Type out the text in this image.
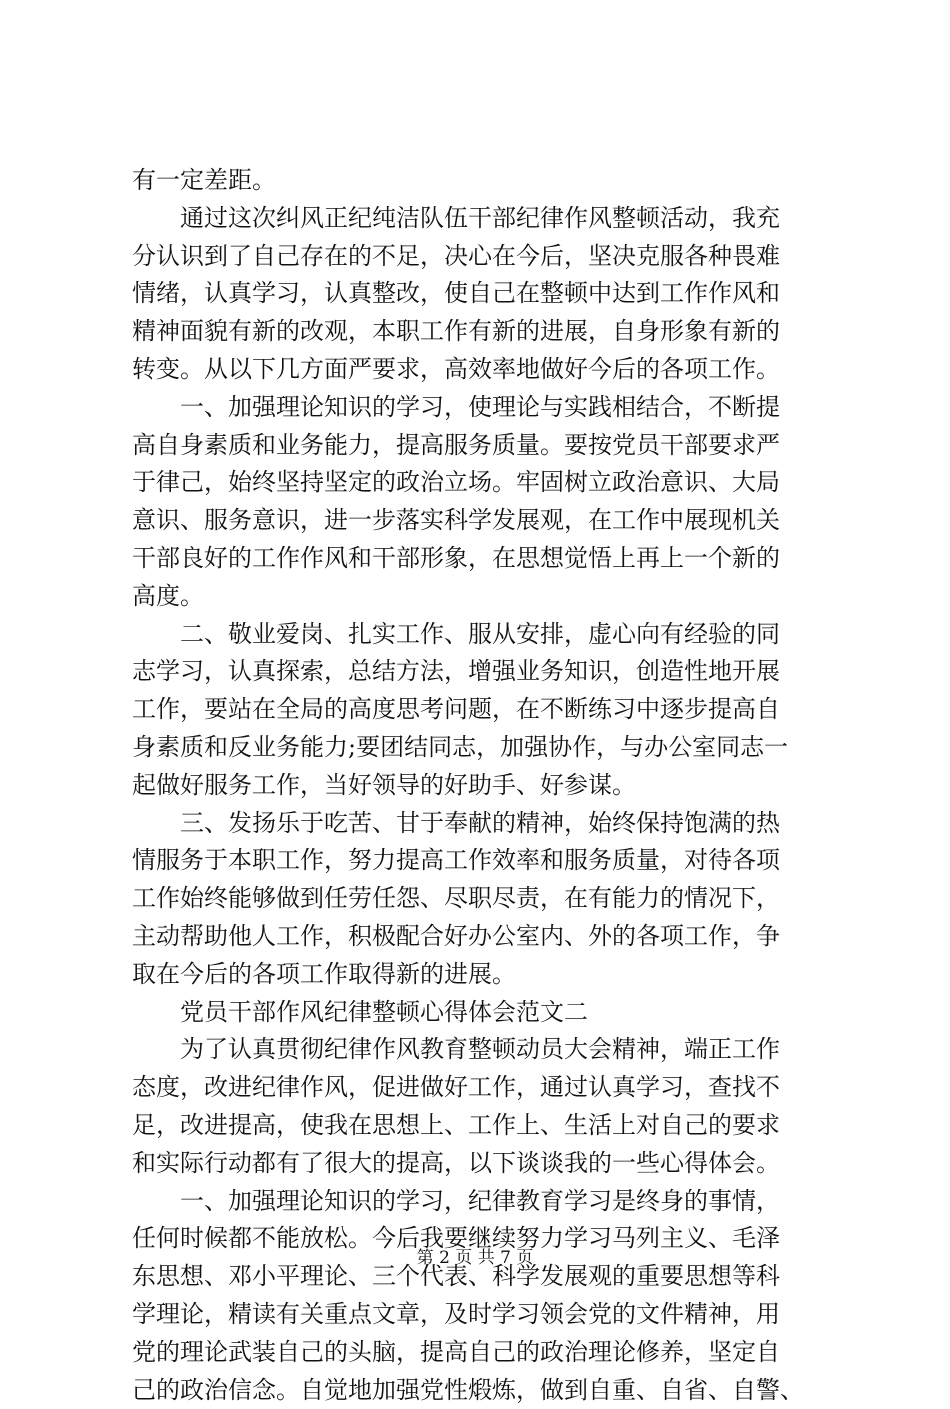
有一定差距。
　　通过这次纠风正纪纯洁队伍干部纪律作风整顿活动，我充
分认识到了自己存在的不足，决心在今后，坚决克服各种畏难
情绪，认真学习，认真整改，使自己在整顿中达到工作作风和
精神面貌有新的改观，本职工作有新的进展，自身形象有新的
转变。从以下几方面严要求，高效率地做好今后的各项工作。
　　一、加强理论知识的学习，使理论与实践相结合，不断提
高自身素质和业务能力，提高服务质量。要按党员干部要求严
于律己，始终坚持坚定的政治立场。牢固树立政治意识、大局
意识、服务意识，进一步落实科学发展观，在工作中展现机关
干部良好的工作作风和干部形象，在思想觉悟上再上一个新的
高度。
　　二、敬业爱岗、扎实工作、服从安排，虚心向有经验的同
志学习，认真探索，总结方法，增强业务知识，创造性地开展
工作，要站在全局的高度思考问题，在不断练习中逐步提高自
身素质和反业务能力;要团结同志，加强协作，与办公室同志一
起做好服务工作，当好领导的好助手、好参谋。
　　三、发扬乐于吃苦、甘于奉献的精神，始终保持饱满的热
情服务于本职工作，努力提高工作效率和服务质量，对待各项
工作始终能够做到任劳任怨、尽职尽责，在有能力的情况下，
主动帮助他人工作，积极配合好办公室内、外的各项工作，争
取在今后的各项工作取得新的进展。
　　党员干部作风纪律整顿心得体会范文二
　　为了认真贯彻纪律作风教育整顿动员大会精神，端正工作
态度，改进纪律作风，促进做好工作，通过认真学习，查找不
足，改进提高，使我在思想上、工作上、生活上对自己的要求
和实际行动都有了很大的提高，以下谈谈我的一些心得体会。
　　一、加强理论知识的学习，纪律教育学习是终身的事情，
任何时候都不能放松。今后我要继续努力学习马列主义、毛泽
东思想、邓小平理论、三个代表、科学发展观的重要思想等科
学理论，精读有关重点文章，及时学习领会党的文件精神，用
党的理论武装自己的头脑，提高自己的政治理论修养，坚定自
己的政治信念。自觉地加强党性煅炼，做到自重、自省、自警、
第 2 页 共 7 页
